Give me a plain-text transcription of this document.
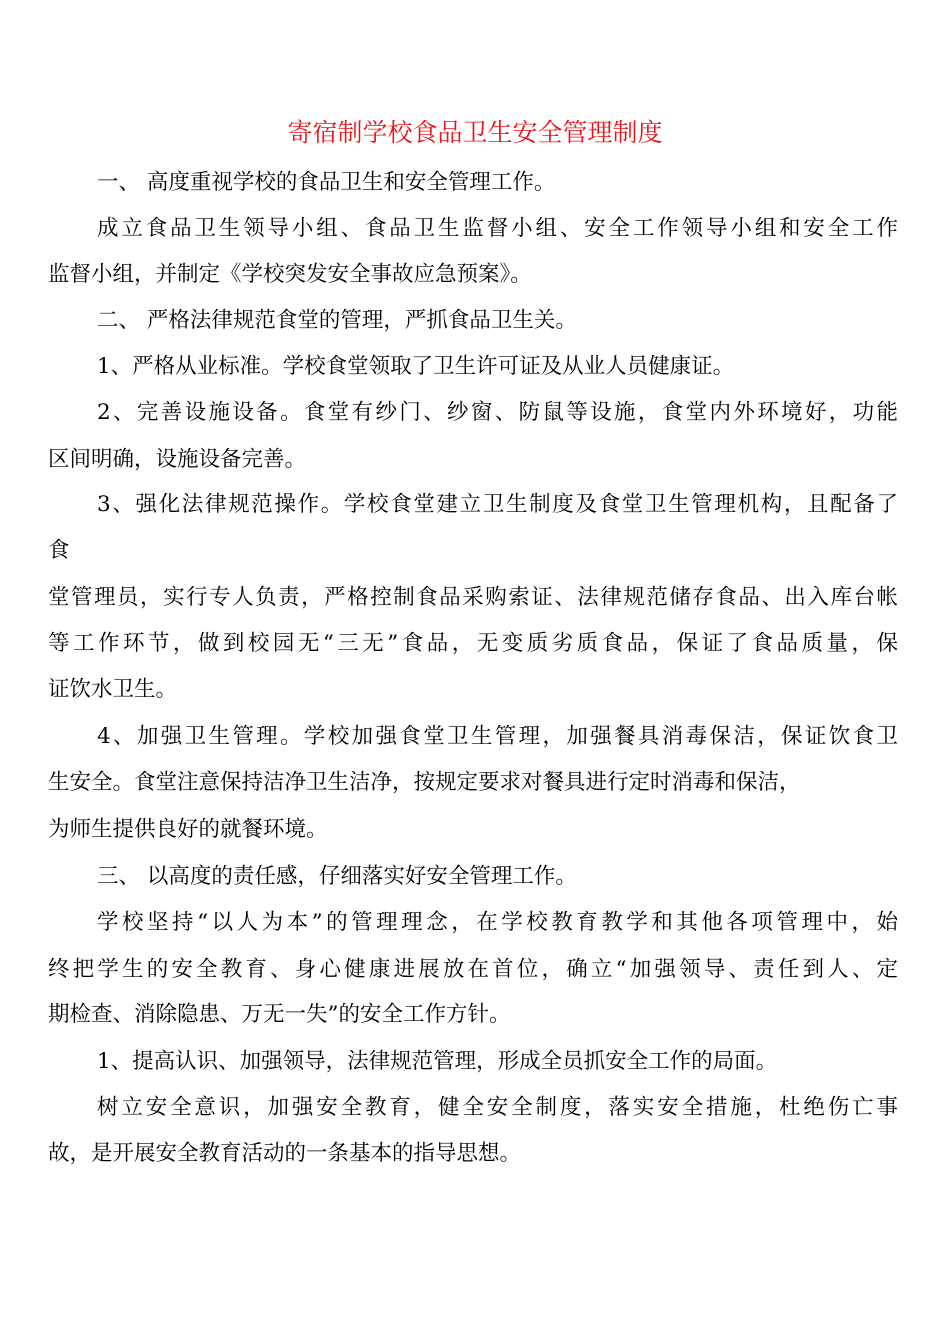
寄宿制学校食品卫生安全管理制度
一、 高度重视学校的食品卫生和安全管理工作。
成立食品卫生领导小组、食品卫生监督小组、安全工作领导小组和安全工作
监督小组，并制定《学校突发安全事故应急预案》。
二、 严格法律规范食堂的管理，严抓食品卫生关。
1、严格从业标准。学校食堂领取了卫生许可证及从业人员健康证。
2、完善设施设备。食堂有纱门、纱窗、防鼠等设施，食堂内外环境好，功能
区间明确，设施设备完善。
3、强化法律规范操作。学校食堂建立卫生制度及食堂卫生管理机构，且配备了
食
堂管理员，实行专人负责，严格控制食品采购索证、法律规范储存食品、出入库台帐
等工作环节，做到校园无“三无”食品，无变质劣质食品，保证了食品质量，保
证饮水卫生。
4、加强卫生管理。学校加强食堂卫生管理，加强餐具消毒保洁，保证饮食卫
生安全。食堂注意保持洁净卫生洁净，按规定要求对餐具进行定时消毒和保洁，
为师生提供良好的就餐环境。
三、 以高度的责任感，仔细落实好安全管理工作。
学校坚持“以人为本”的管理理念，在学校教育教学和其他各项管理中，始
终把学生的安全教育、身心健康进展放在首位，确立“加强领导、责任到人、定
期检查、消除隐患、万无一失”的安全工作方针。
1、提高认识、加强领导，法律规范管理，形成全员抓安全工作的局面。
树立安全意识，加强安全教育，健全安全制度，落实安全措施，杜绝伤亡事
故，是开展安全教育活动的一条基本的指导思想。
